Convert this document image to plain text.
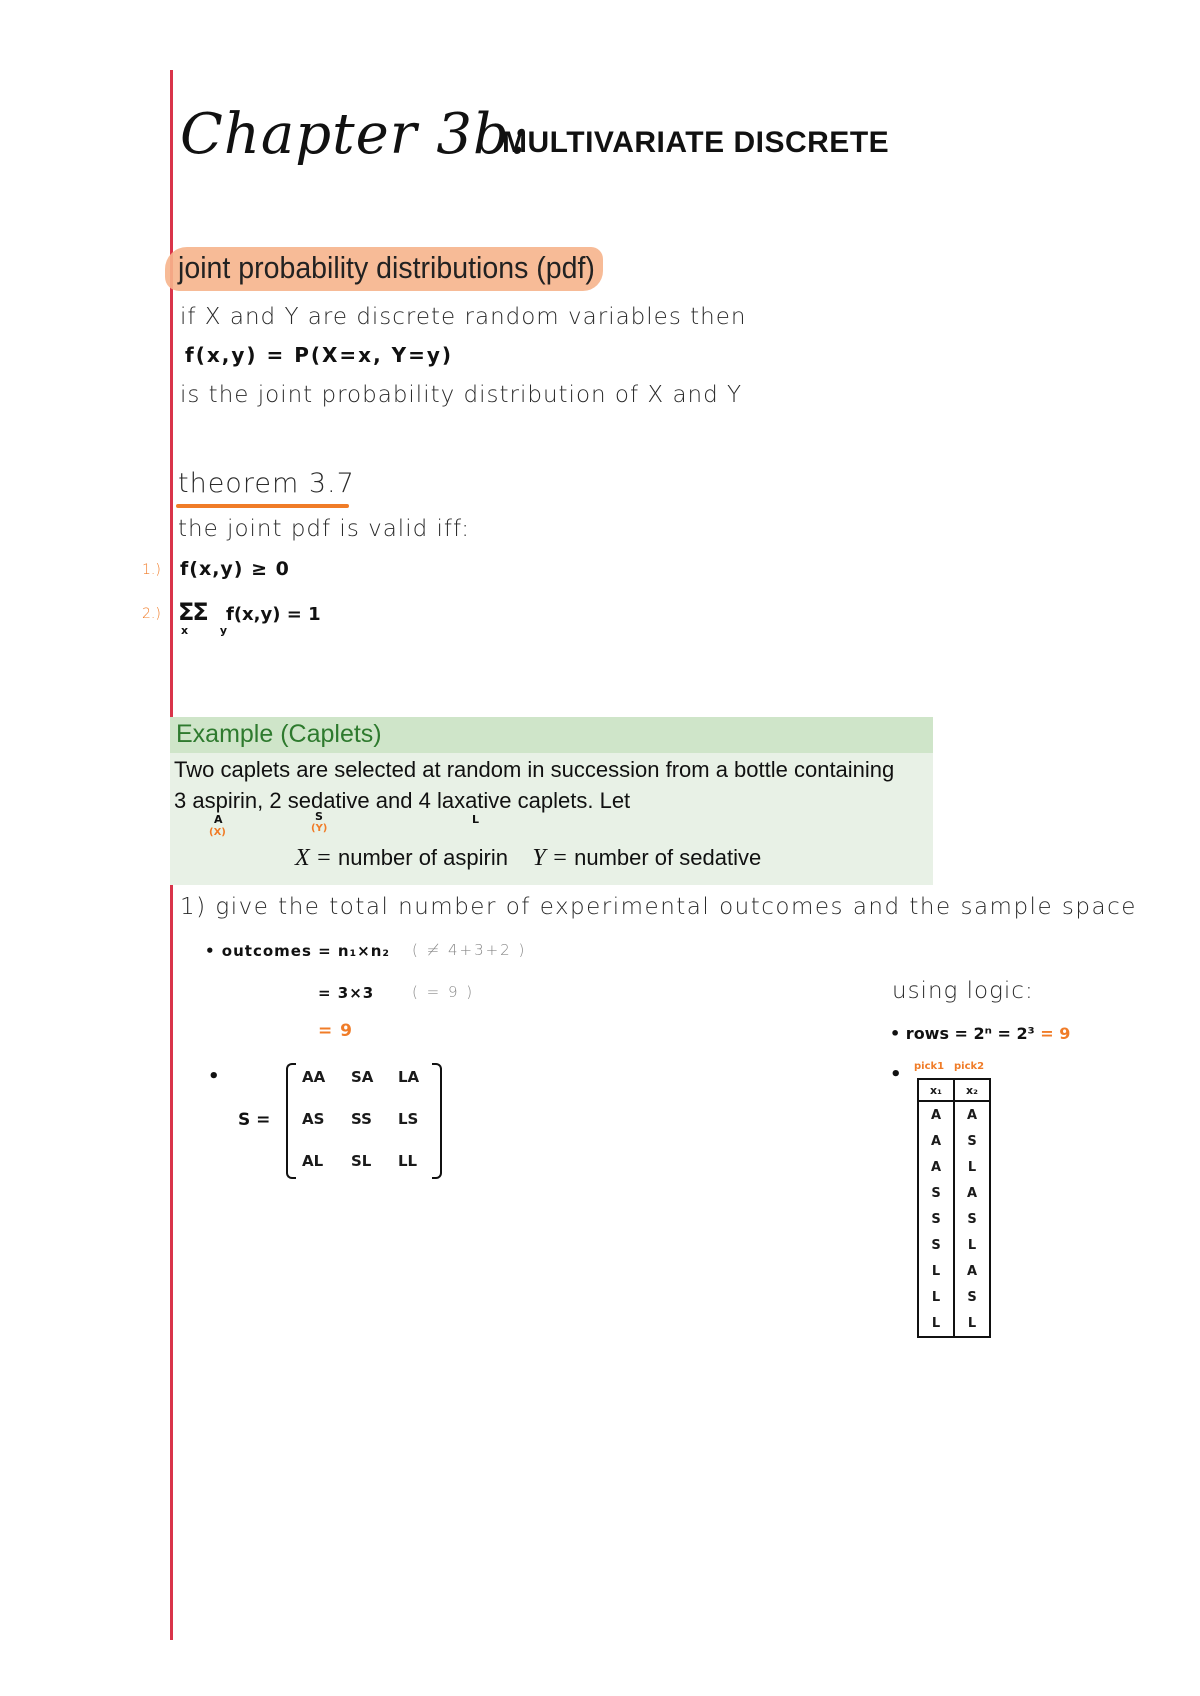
Chapter 3b:
MULTIVARIATE DISCRETE
joint probability distributions (pdf)
if X and Y are discrete random variables then
f(x,y) = P(X=x, Y=y)
is the joint probability distribution of X and Y
theorem 3.7
the joint pdf is valid iff:
1.) f(x,y) ≥ 0
2.) ΣΣ
x y
f(x,y) = 1
Example (Caplets)
Two caplets are selected at random in succession from a bottle containing
3 aspirin, 2 sedative and 4 laxative caplets. Let
A
(X)
S
(Y)
L
X = number of aspirin Y = number of sedative
1) give the total number of experimental outcomes and the sample space
• outcomes = n₁×n₂ ( ≠ 4+3+2 )
= 3×3	( = 9 )
= 9
•
S =
AA SA LA
AS SS LS
AL SL LL
using logic:
• rows = 2ⁿ = 2³ = 9
• pick1 pick2
x₁	x₂
A	A
A	S
A	L
S	A
S	S
S	L
L	A
L	S
L	L
